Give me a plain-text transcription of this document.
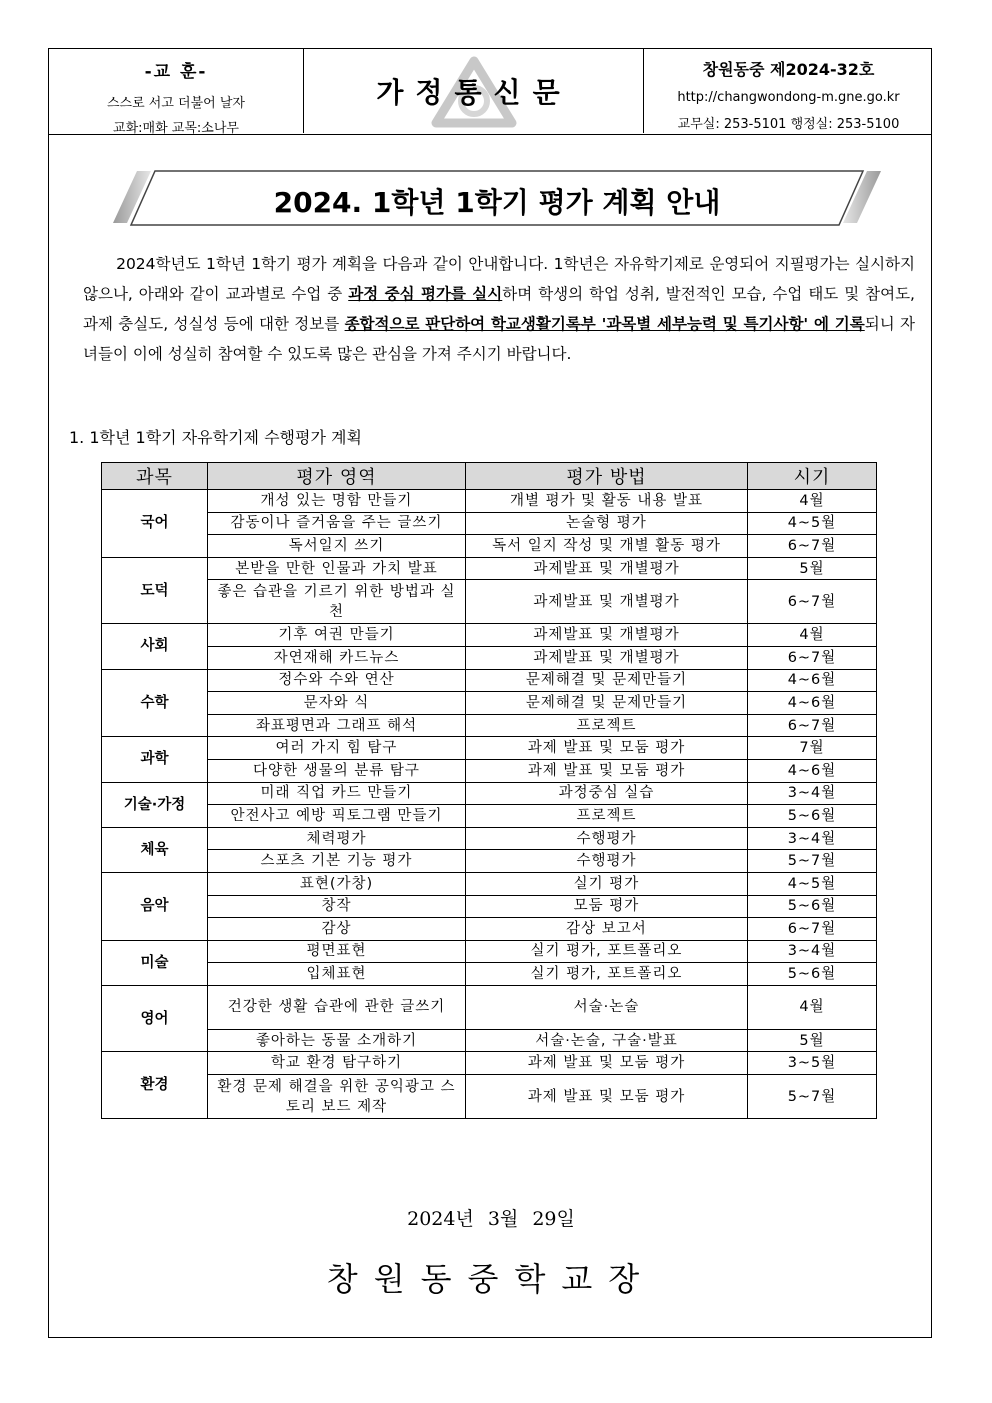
-교 훈-
스스로 서고 더불어 날자
교화:매화 교목:소나무
가정통신문
창원동중 제2024-32호
http://changwondong-m.gne.go.kr
교무실: 253-5101 행정실: 253-5100
2024. 1학년 1학기 평가 계획 안내
2024학년도 1학년 1학기 평가 계획을 다음과 같이 안내합니다. 1학년은 자유학기제로 운영되어 지필평가는 실시하지 않으나, 아래와 같이 교과별로 수업 중 과정 중심 평가를 실시하며 학생의 학업 성취, 발전적인 모습, 수업 태도 및 참여도, 과제 충실도, 성실성 등에 대한 정보를 종합적으로 판단하여 학교생활기록부 '과목별 세부능력 및 특기사항' 에 기록되니 자녀들이 이에 성실히 참여할 수 있도록 많은 관심을 가져 주시기 바랍니다.
1. 1학년 1학기 자유학기제 수행평가 계획
과목	평가 영역	평가 방법	시기
국어	개성 있는 명함 만들기	개별 평가 및 활동 내용 발표	4월
	감동이나 즐거움을 주는 글쓰기	논술형 평가	4~5월
	독서일지 쓰기	독서 일지 작성 및 개별 활동 평가	6~7월
도덕	본받을 만한 인물과 가치 발표	과제발표 및 개별평가	5월
	좋은 습관을 기르기 위한 방법과 실천	과제발표 및 개별평가	6~7월
사회	기후 여권 만들기	과제발표 및 개별평가	4월
	자연재해 카드뉴스	과제발표 및 개별평가	6~7월
수학	정수와 수와 연산	문제해결 및 문제만들기	4~6월
	문자와 식	문제해결 및 문제만들기	4~6월
	좌표평면과 그래프 해석	프로젝트	6~7월
과학	여러 가지 힘 탐구	과제 발표 및 모둠 평가	7월
	다양한 생물의 분류 탐구	과제 발표 및 모둠 평가	4~6월
기술·가정	미래 직업 카드 만들기	과정중심 실습	3~4월
	안전사고 예방 픽토그램 만들기	프로젝트	5~6월
체육	체력평가	수행평가	3~4월
	스포츠 기본 기능 평가	수행평가	5~7월
음악	표현(가창)	실기 평가	4~5월
	창작	모둠 평가	5~6월
	감상	감상 보고서	6~7월
미술	평면표현	실기 평가, 포트폴리오	3~4월
	입체표현	실기 평가, 포트폴리오	5~6월
영어	건강한 생활 습관에 관한 글쓰기	서술·논술	4월
	좋아하는 동물 소개하기	서술·논술, 구술·발표	5월
환경	학교 환경 탐구하기	과제 발표 및 모둠 평가	3~5월
	환경 문제 해결을 위한 공익광고 스토리 보드 제작	과제 발표 및 모둠 평가	5~7월
2024년 3월 29일
창원동중학교장
